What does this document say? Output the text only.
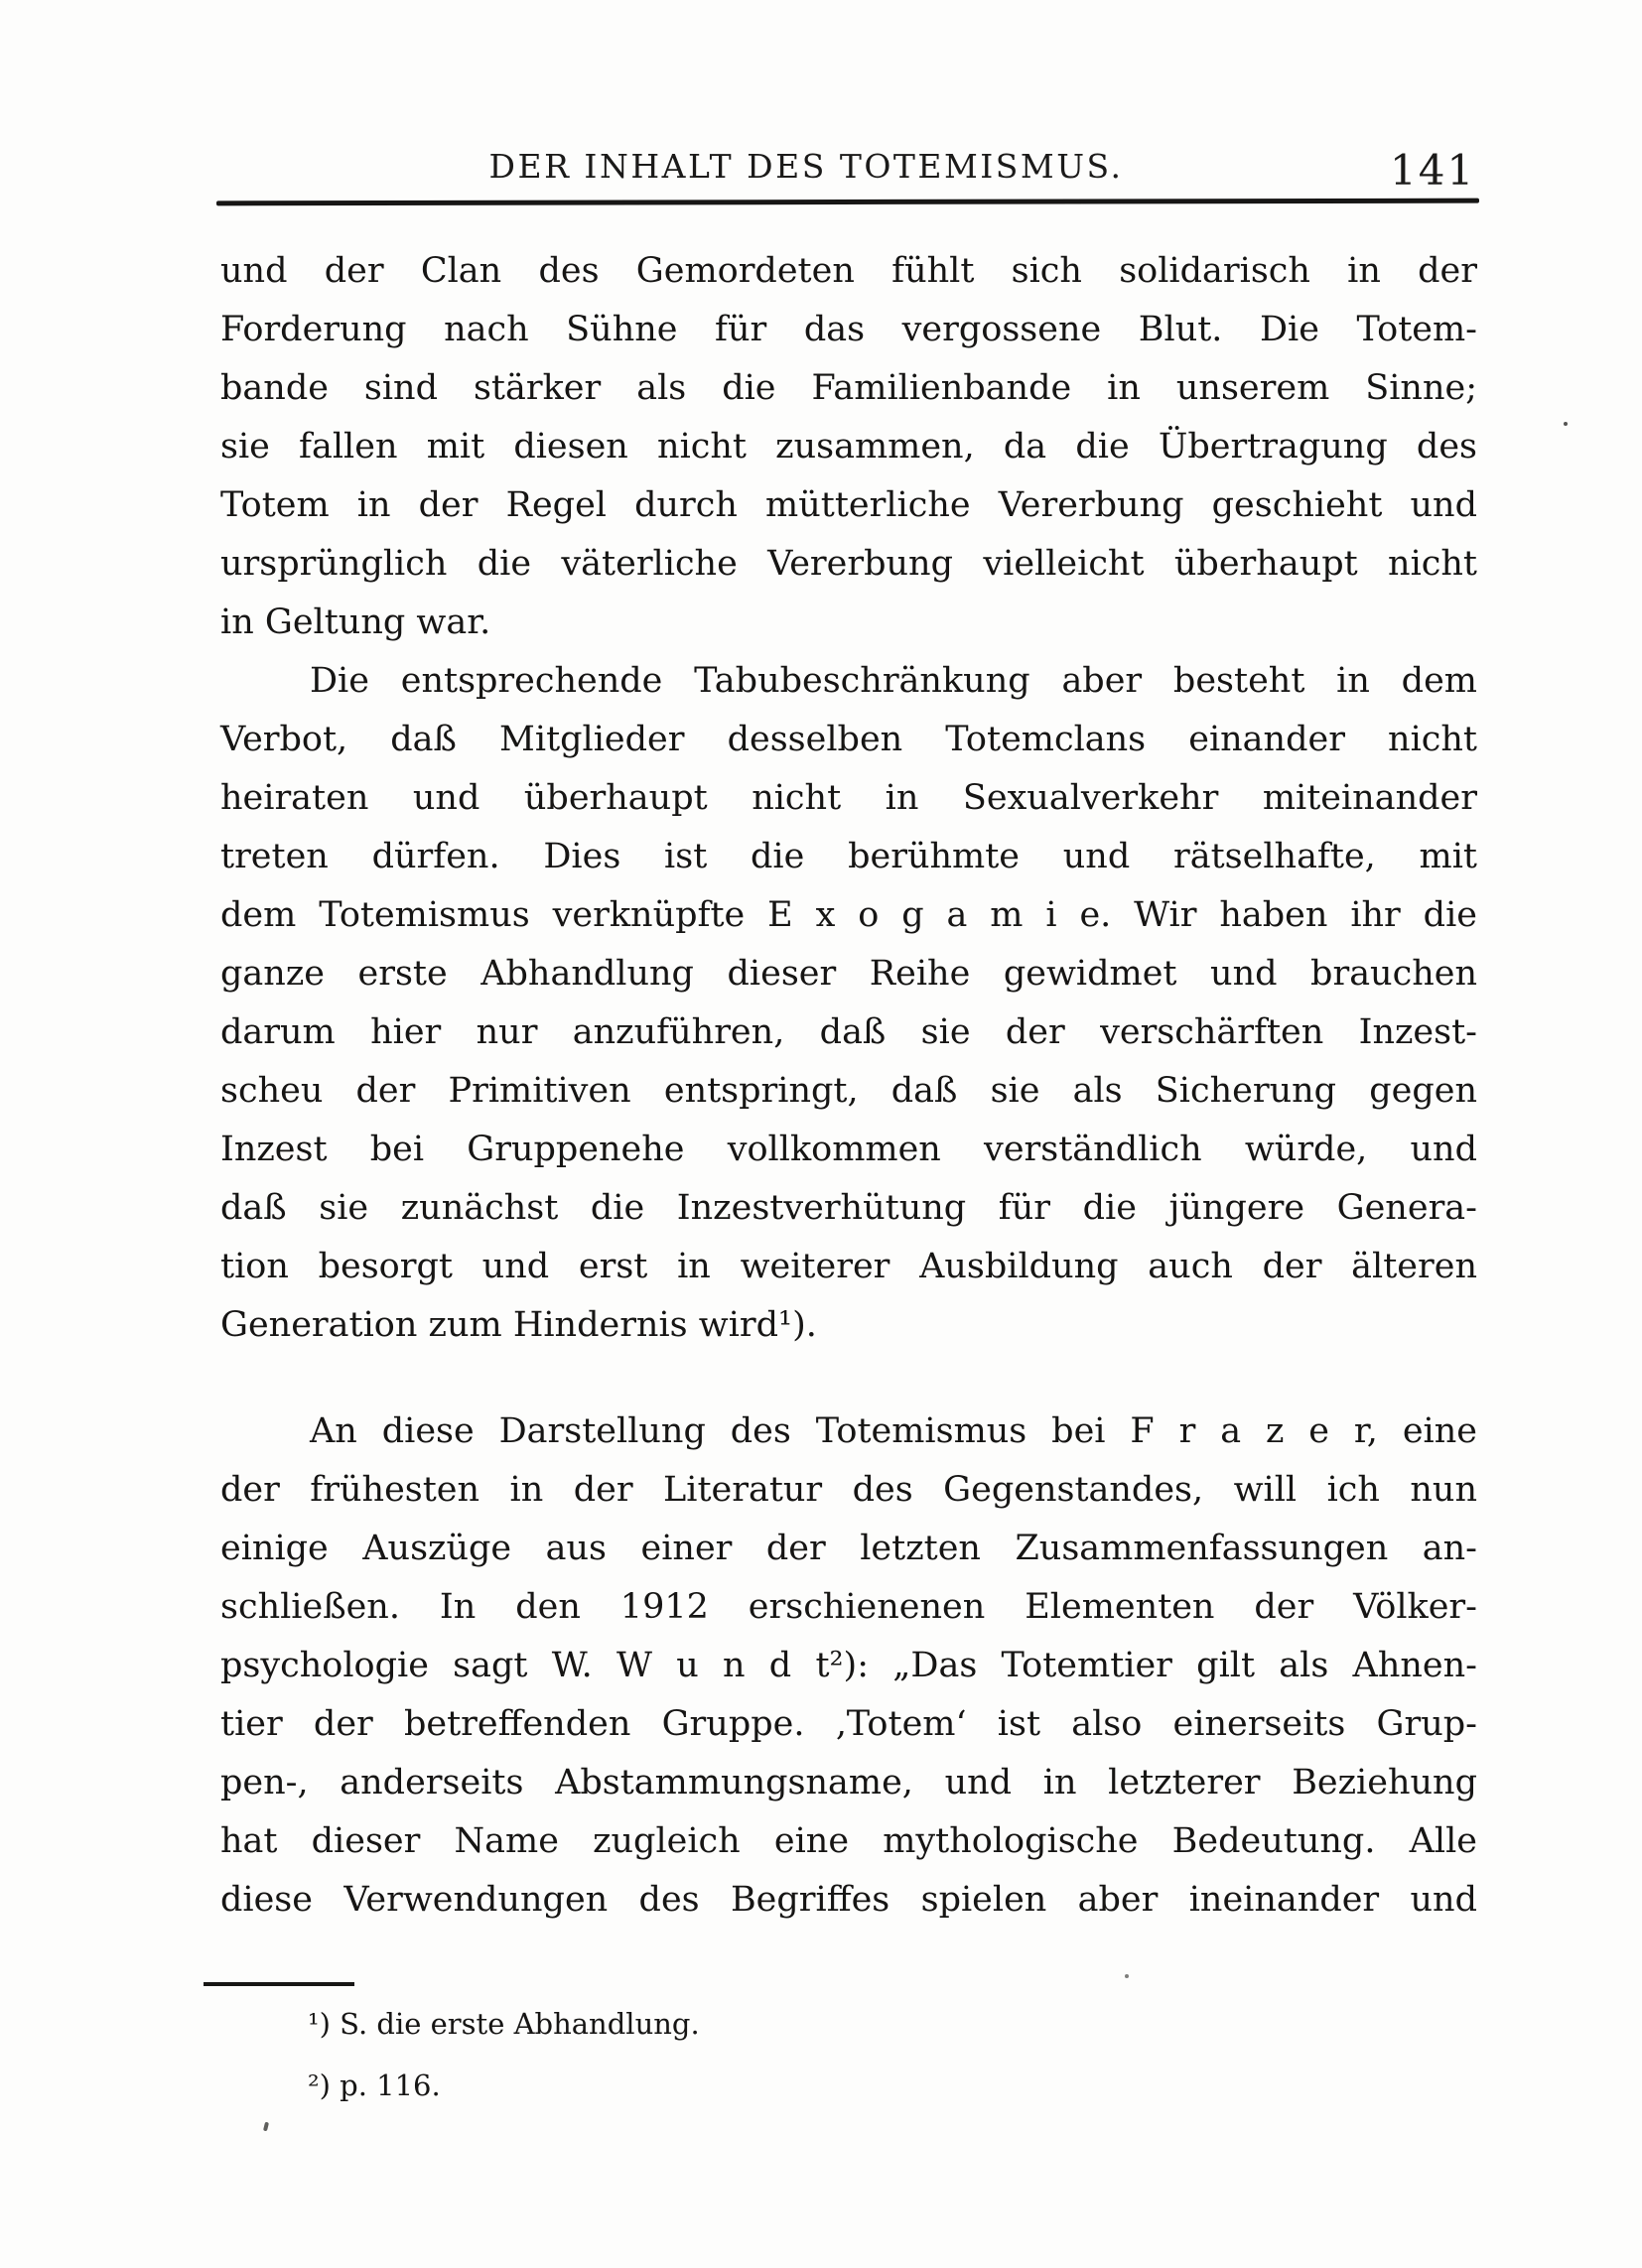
DER INHALT DES TOTEMISMUS.	141
und der Clan des Gemordeten fühlt sich solidarisch in der
Forderung nach Sühne für das vergossene Blut. Die Totem-
bande sind stärker als die Familienbande in unserem Sinne;
sie fallen mit diesen nicht zusammen, da die Übertragung des
Totem in der Regel durch mütterliche Vererbung geschieht und
ursprünglich die väterliche Vererbung vielleicht überhaupt nicht
in Geltung war.
Die entsprechende Tabubeschränkung aber besteht in dem
Verbot, daß Mitglieder desselben Totemclans einander nicht
heiraten und überhaupt nicht in Sexualverkehr miteinander
treten dürfen. Dies ist die berühmte und rätselhafte, mit
dem Totemismus verknüpfte E x o g a m i e. Wir haben ihr die
ganze erste Abhandlung dieser Reihe gewidmet und brauchen
darum hier nur anzuführen, daß sie der verschärften Inzest-
scheu der Primitiven entspringt, daß sie als Sicherung gegen
Inzest bei Gruppenehe vollkommen verständlich würde, und
daß sie zunächst die Inzestverhütung für die jüngere Genera-
tion besorgt und erst in weiterer Ausbildung auch der älteren
Generation zum Hindernis wird¹).
An diese Darstellung des Totemismus bei F r a z e r, eine
der frühesten in der Literatur des Gegenstandes, will ich nun
einige Auszüge aus einer der letzten Zusammenfassungen an-
schließen. In den 1912 erschienenen Elementen der Völker-
psychologie sagt W. W u n d t²): „Das Totemtier gilt als Ahnen-
tier der betreffenden Gruppe. ‚Totem‘ ist also einerseits Grup-
pen-, anderseits Abstammungsname, und in letzterer Beziehung
hat dieser Name zugleich eine mythologische Bedeutung. Alle
diese Verwendungen des Begriffes spielen aber ineinander und
¹) S. die erste Abhandlung.
²) p. 116.
